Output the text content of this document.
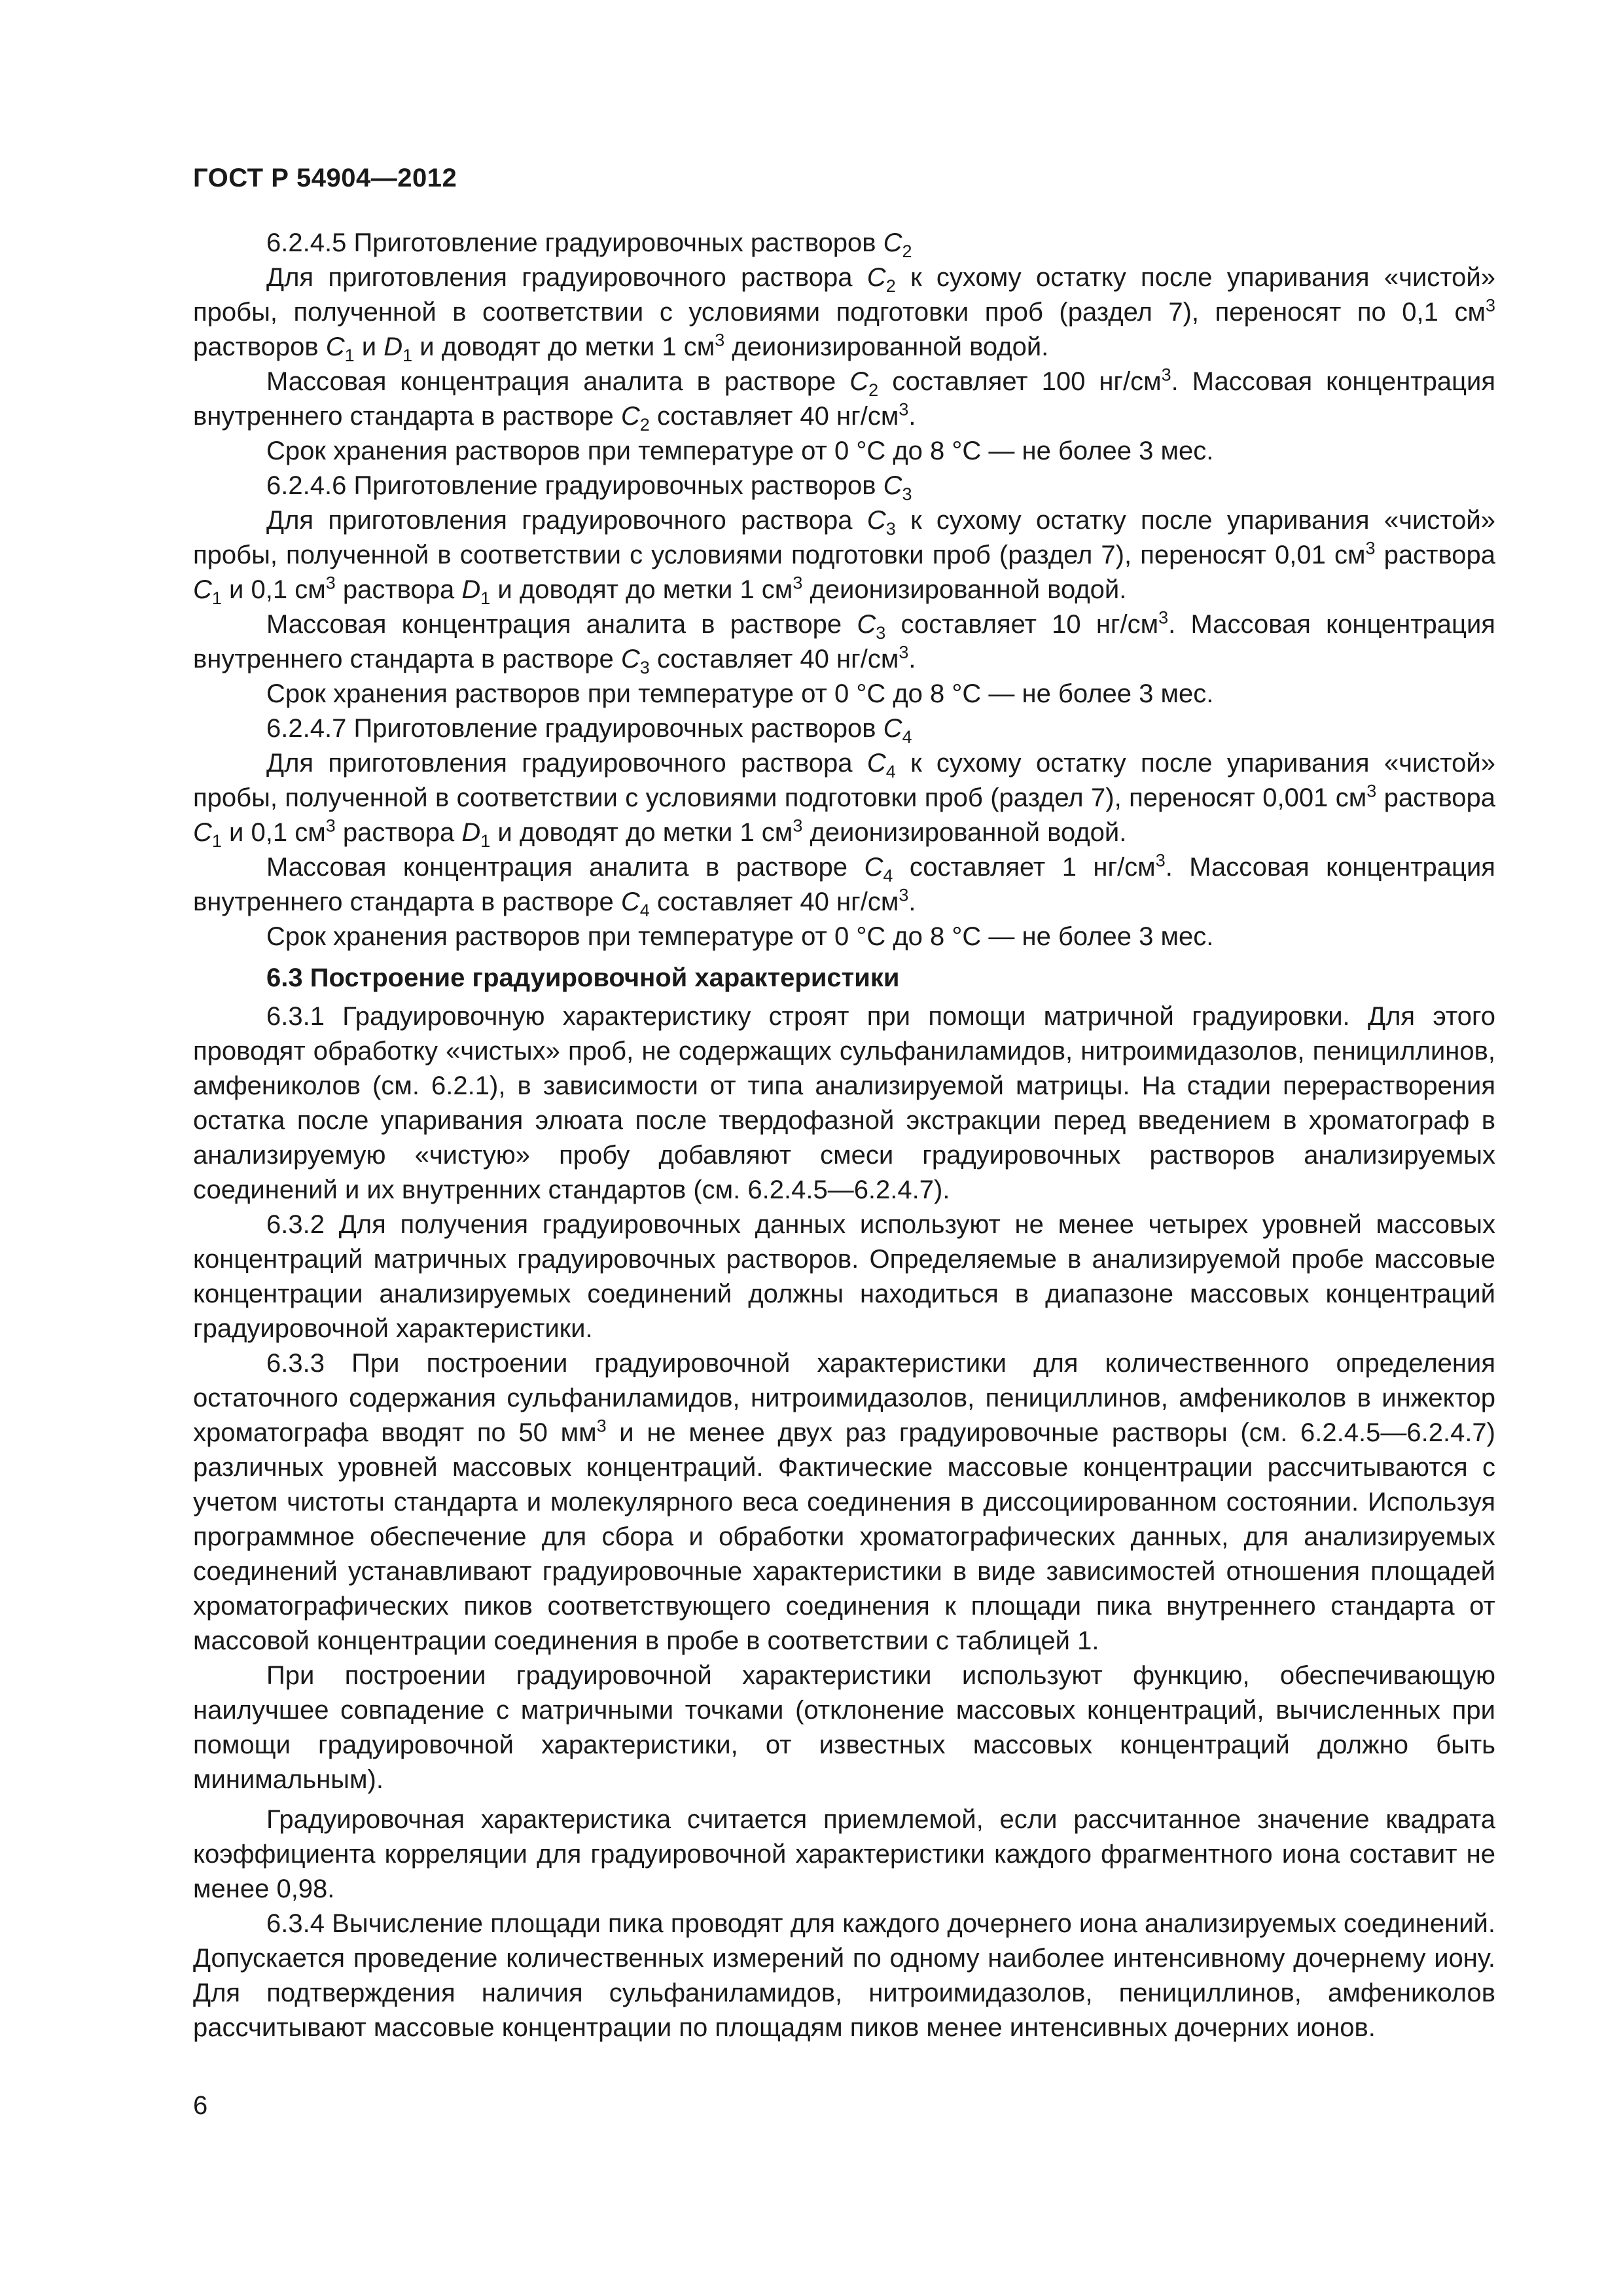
ГОСТ Р 54904—2012

6.2.4.5 Приготовление градуировочных растворов $C_2$

Для приготовления градуировочного раствора $C_2$ к сухому остатку после упаривания «чистой» пробы, полученной в соответствии с условиями подготовки проб (раздел 7), переносят по 0,1 $см^3$ растворов $C_1$ и $D_1$ и доводят до метки 1 $см^3$ деионизированной водой.

Массовая концентрация аналита в растворе $C_2$ составляет 100 $нг/см^3$. Массовая концентрация внутреннего стандарта в растворе $C_2$ составляет 40 $нг/см^3$.

Срок хранения растворов при температуре от 0 °С до 8 °С — не более 3 мес.

6.2.4.6 Приготовление градуировочных растворов $C_3$

Для приготовления градуировочного раствора $C_3$ к сухому остатку после упаривания «чистой» пробы, полученной в соответствии с условиями подготовки проб (раздел 7), переносят 0,01 $см^3$ раствора $C_1$ и 0,1 $см^3$ раствора $D_1$ и доводят до метки 1 $см^3$ деионизированной водой.

Массовая концентрация аналита в растворе $C_3$ составляет 10 $нг/см^3$. Массовая концентрация внутреннего стандарта в растворе $C_3$ составляет 40 $нг/см^3$.

Срок хранения растворов при температуре от 0 °С до 8 °С — не более 3 мес.

6.2.4.7 Приготовление градуировочных растворов $C_4$

Для приготовления градуировочного раствора $C_4$ к сухому остатку после упаривания «чистой» пробы, полученной в соответствии с условиями подготовки проб (раздел 7), переносят 0,001 $см^3$ раствора $C_1$ и 0,1 $см^3$ раствора $D_1$ и доводят до метки 1 $см^3$ деионизированной водой.

Массовая концентрация аналита в растворе $C_4$ составляет 1 $нг/см^3$. Массовая концентрация внутреннего стандарта в растворе $C_4$ составляет 40 $нг/см^3$.

Срок хранения растворов при температуре от 0 °С до 8 °С — не более 3 мес.

6.3 Построение градуировочной характеристики

6.3.1 Градуировочную характеристику строят при помощи матричной градуировки. Для этого проводят обработку «чистых» проб, не содержащих сульфаниламидов, нитроимидазолов, пенициллинов, амфениколов (см. 6.2.1), в зависимости от типа анализируемой матрицы. На стадии перерастворения остатка после упаривания элюата после твердофазной экстракции перед введением в хроматограф в анализируемую «чистую» пробу добавляют смеси градуировочных растворов анализируемых соединений и их внутренних стандартов (см. 6.2.4.5—6.2.4.7).

6.3.2 Для получения градуировочных данных используют не менее четырех уровней массовых концентраций матричных градуировочных растворов. Определяемые в анализируемой пробе массовые концентрации анализируемых соединений должны находиться в диапазоне массовых концентраций градуировочной характеристики.

6.3.3 При построении градуировочной характеристики для количественного определения остаточного содержания сульфаниламидов, нитроимидазолов, пенициллинов, амфениколов в инжектор хроматографа вводят по 50 $мм^3$ и не менее двух раз градуировочные растворы (см. 6.2.4.5—6.2.4.7) различных уровней массовых концентраций. Фактические массовые концентрации рассчитываются с учетом чистоты стандарта и молекулярного веса соединения в диссоциированном состоянии. Используя программное обеспечение для сбора и обработки хроматографических данных, для анализируемых соединений устанавливают градуировочные характеристики в виде зависимостей отношения площадей хроматографических пиков соответствующего соединения к площади пика внутреннего стандарта от массовой концентрации соединения в пробе в соответствии с таблицей 1.

При построении градуировочной характеристики используют функцию, обеспечивающую наилучшее совпадение с матричными точками (отклонение массовых концентраций, вычисленных при помощи градуировочной характеристики, от известных массовых концентраций должно быть минимальным).

Градуировочная характеристика считается приемлемой, если рассчитанное значение квадрата коэффициента корреляции для градуировочной характеристики каждого фрагментного иона составит не менее 0,98.

6.3.4 Вычисление площади пика проводят для каждого дочернего иона анализируемых соединений. Допускается проведение количественных измерений по одному наиболее интенсивному дочернему иону. Для подтверждения наличия сульфаниламидов, нитроимидазолов, пенициллинов, амфениколов рассчитывают массовые концентрации по площадям пиков менее интенсивных дочерних ионов.

6
